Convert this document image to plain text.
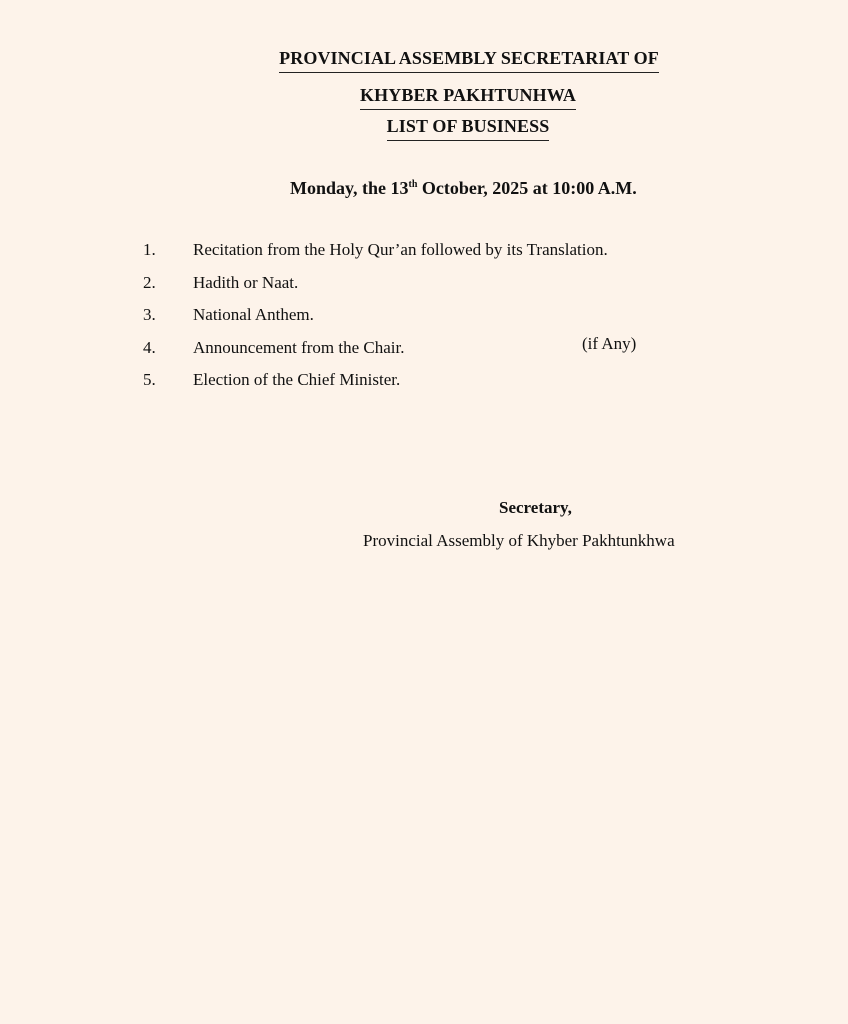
PROVINCIAL ASSEMBLY SECRETARIAT OF
KHYBER PAKHTUNHWA
LIST OF BUSINESS
Monday, the 13th October, 2025 at 10:00 A.M.
1. Recitation from the Holy Qur’an followed by its Translation.
2. Hadith or Naat.
3. National Anthem.
4. Announcement from the Chair.	(if Any)
5. Election of the Chief Minister.
Secretary,
Provincial Assembly of Khyber Pakhtunkhwa
